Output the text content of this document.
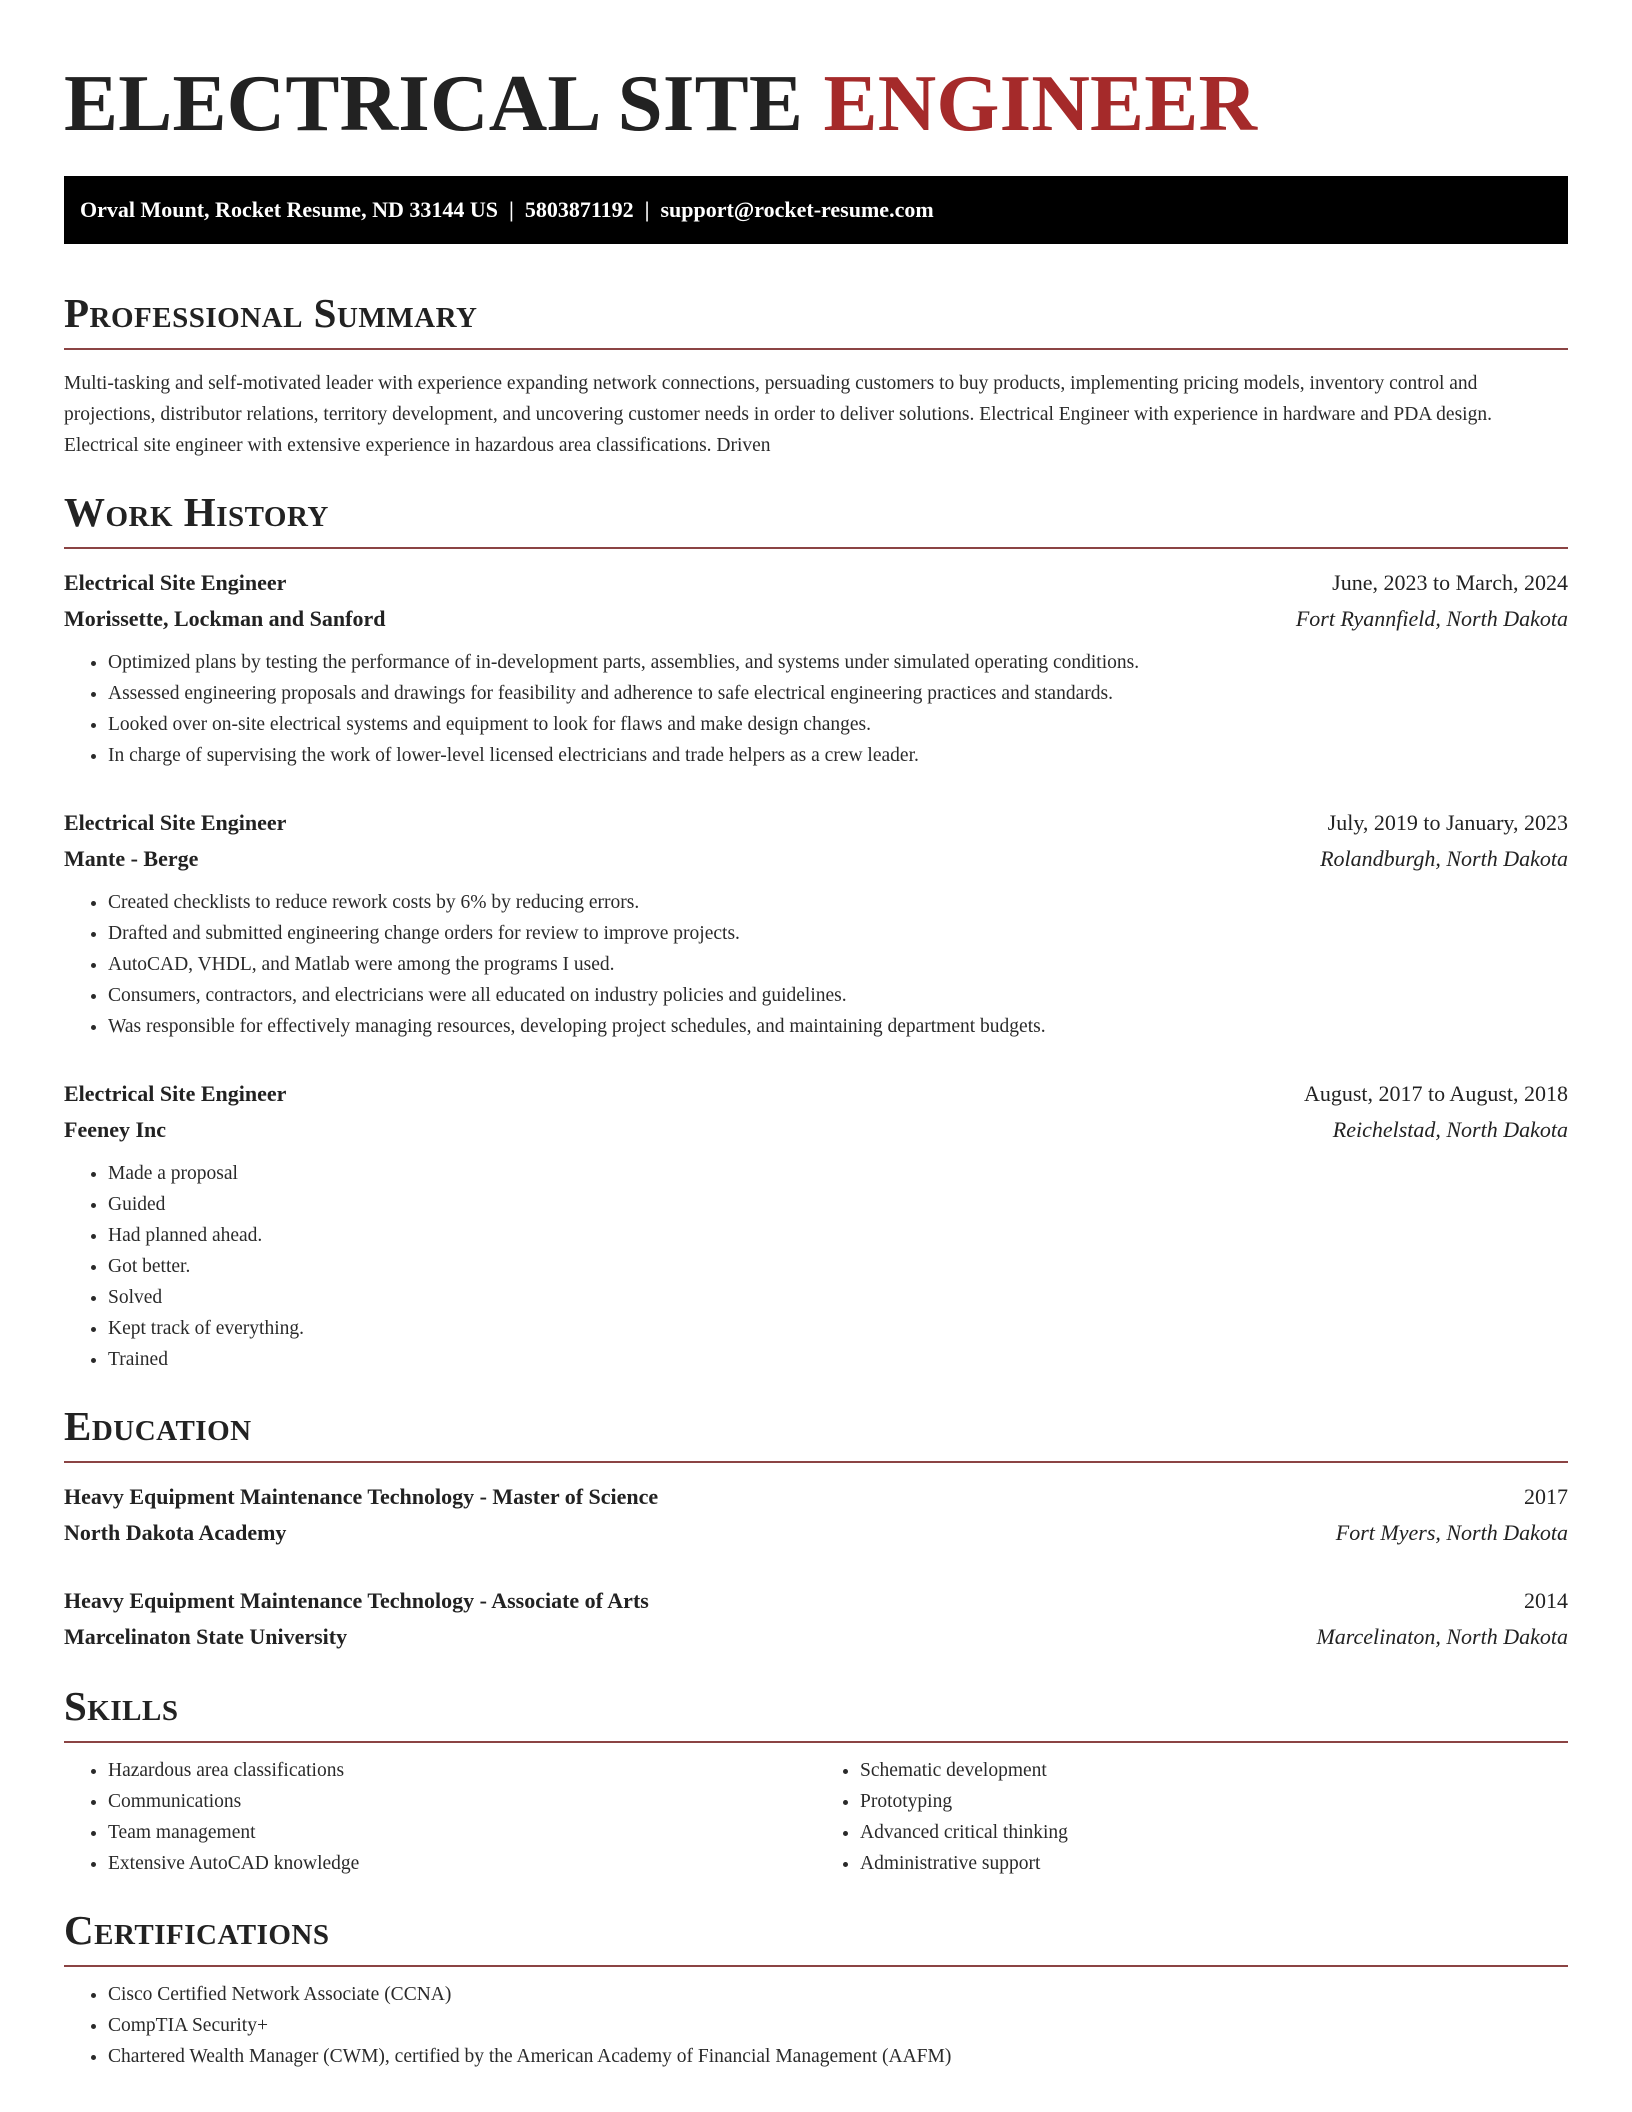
ELECTRICAL SITE ENGINEER
Orval Mount, Rocket Resume, ND 33144 US  |  5803871192  |  support@rocket-resume.com
Professional Summary

Multi-tasking and self-motivated leader with experience expanding network connections, persuading customers to buy products, implementing pricing models, inventory control and projections, distributor relations, territory development, and uncovering customer needs in order to deliver solutions. Electrical Engineer with experience in hardware and PDA design. Electrical site engineer with extensive experience in hazardous area classifications. Driven

Work History
Electrical Site Engineer	June, 2023 to March, 2024
Morissette, Lockman and Sanford	Fort Ryannfield, North Dakota
• Optimized plans by testing the performance of in-development parts, assemblies, and systems under simulated operating conditions.
• Assessed engineering proposals and drawings for feasibility and adherence to safe electrical engineering practices and standards.
• Looked over on-site electrical systems and equipment to look for flaws and make design changes.
• In charge of supervising the work of lower-level licensed electricians and trade helpers as a crew leader.
Electrical Site Engineer	July, 2019 to January, 2023
Mante - Berge	Rolandburgh, North Dakota
• Created checklists to reduce rework costs by 6% by reducing errors.
• Drafted and submitted engineering change orders for review to improve projects.
• AutoCAD, VHDL, and Matlab were among the programs I used.
• Consumers, contractors, and electricians were all educated on industry policies and guidelines.
• Was responsible for effectively managing resources, developing project schedules, and maintaining department budgets.
Electrical Site Engineer	August, 2017 to August, 2018
Feeney Inc	Reichelstad, North Dakota
• Made a proposal
• Guided
• Had planned ahead.
• Got better.
• Solved
• Kept track of everything.
• Trained
Education
Heavy Equipment Maintenance Technology - Master of Science	2017
North Dakota Academy	Fort Myers, North Dakota
Heavy Equipment Maintenance Technology - Associate of Arts	2014
Marcelinaton State University	Marcelinaton, North Dakota
Skills
• Hazardous area classifications
• Communications
• Team management
• Extensive AutoCAD knowledge
• Schematic development
• Prototyping
• Advanced critical thinking
• Administrative support
Certifications
• Cisco Certified Network Associate (CCNA)
• CompTIA Security+
• Chartered Wealth Manager (CWM), certified by the American Academy of Financial Management (AAFM)
